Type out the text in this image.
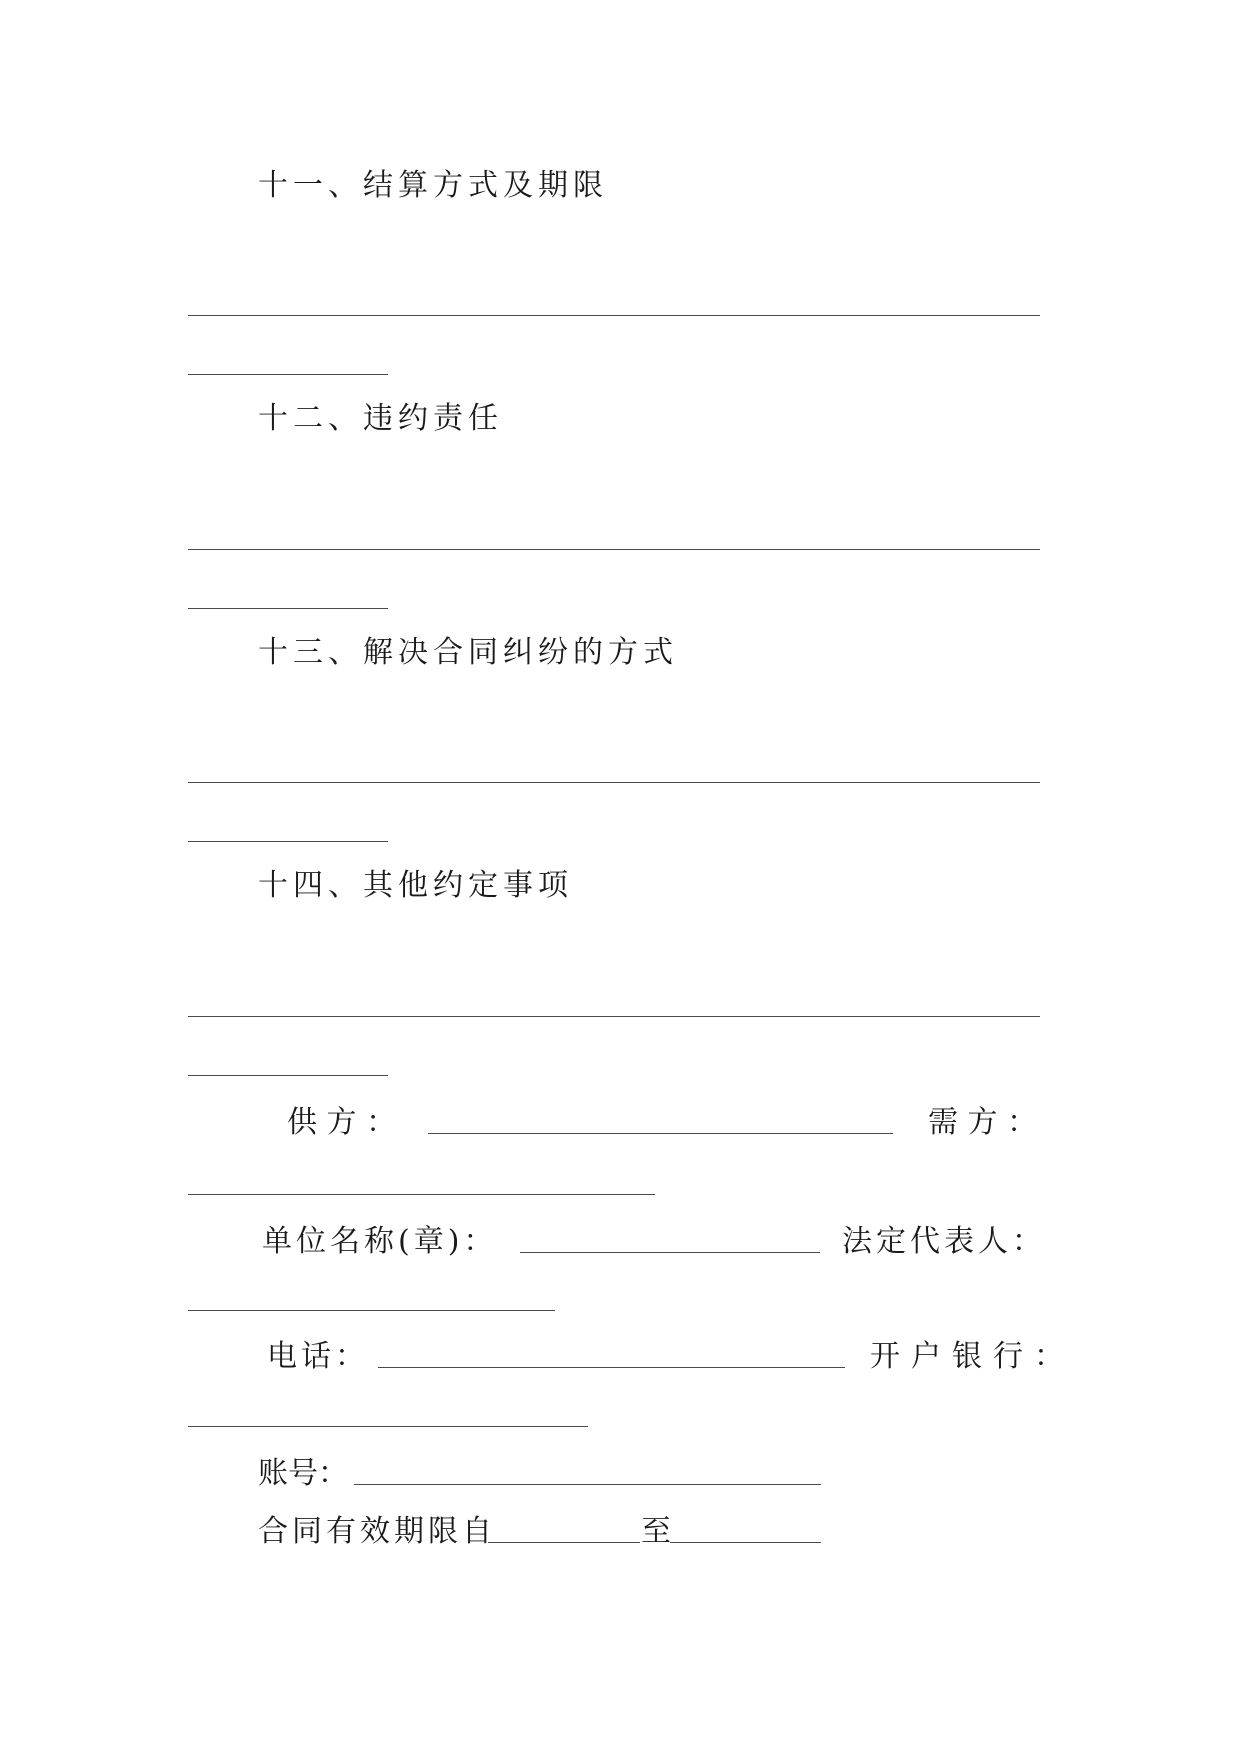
十一、结算方式及期限
十二、违约责任
十三、解决合同纠纷的方式
十四、其他约定事项
供 方 ：	需 方 ：
单位名称(章)：	法定代表人：
电话：	开户银行：
账号：
合同有效期限自	至
